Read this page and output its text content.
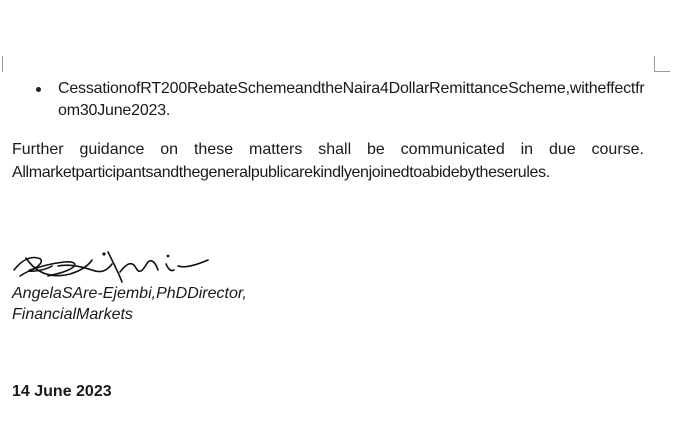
CessationofRT200RebateSchemeandtheNaira4DollarRemittanceScheme,witheffectfrom30June2023.
Further guidance on these matters shall be communicated in due course.
Allmarketparticipantsandthegeneralpublicarekindlyenjoinedtoabidebytheserules.
AngelaSAre-Ejembi,PhDDirector,FinancialMarkets
14 June 2023
